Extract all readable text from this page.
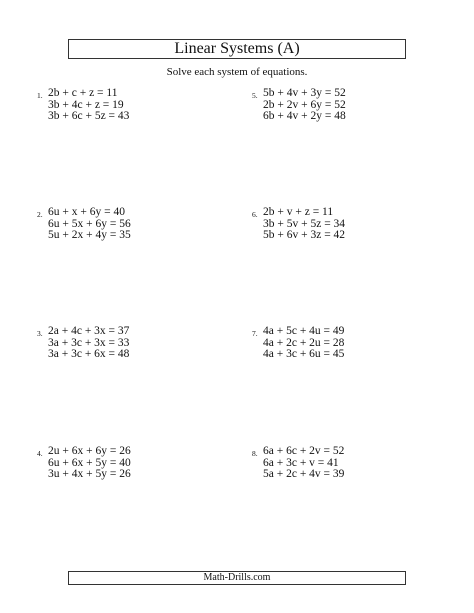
Linear Systems (A)
Solve each system of equations.
1. 2b + c + z = 11
3b + 4c + z = 19
3b + 6c + 5z = 43
2. 6u + x + 6y = 40
6u + 5x + 6y = 56
5u + 2x + 4y = 35
3. 2a + 4c + 3x = 37
3a + 3c + 3x = 33
3a + 3c + 6x = 48
4. 2u + 6x + 6y = 26
6u + 6x + 5y = 40
3u + 4x + 5y = 26
5. 5b + 4v + 3y = 52
2b + 2v + 6y = 52
6b + 4v + 2y = 48
6. 2b + v + z = 11
3b + 5v + 5z = 34
5b + 6v + 3z = 42
7. 4a + 5c + 4u = 49
4a + 2c + 2u = 28
4a + 3c + 6u = 45
8. 6a + 6c + 2v = 52
6a + 3c + v = 41
5a + 2c + 4v = 39
Math-Drills.com
